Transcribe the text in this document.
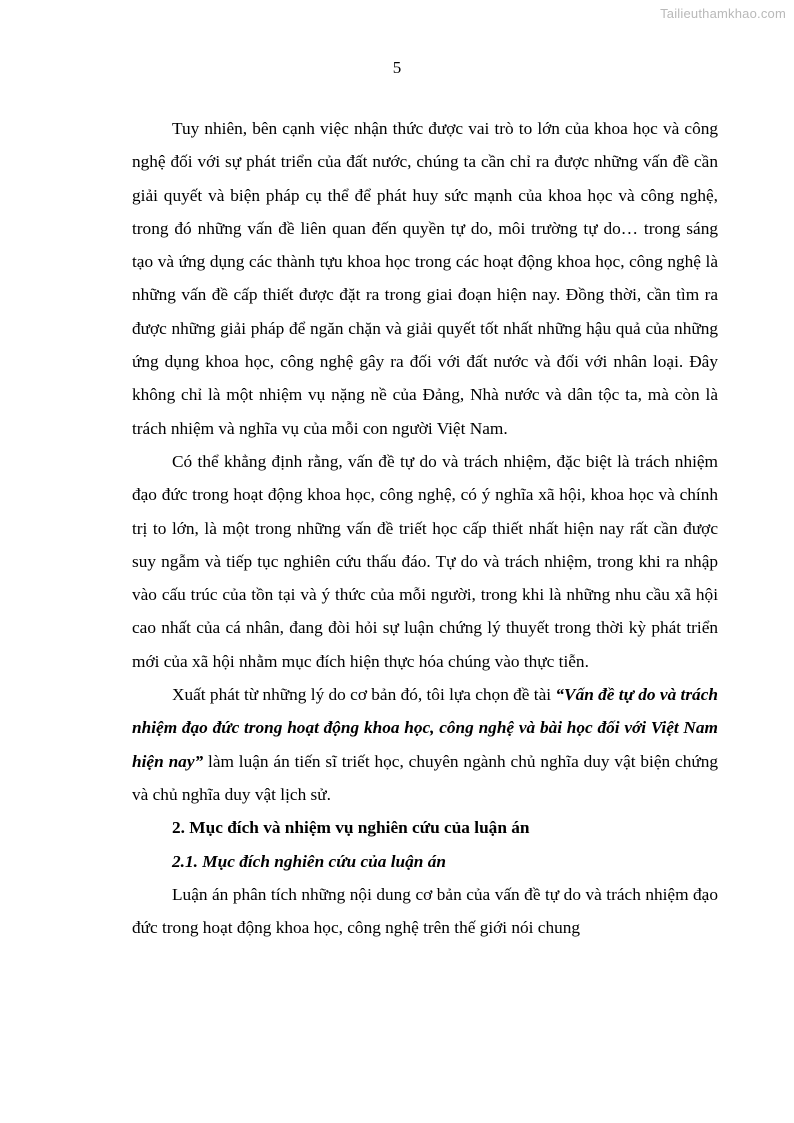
Tailieuthamkhao.com
5

Tuy nhiên, bên cạnh việc nhận thức được vai trò to lớn của khoa học và công nghệ đối với sự phát triển của đất nước, chúng ta cần chỉ ra được những vấn đề cần giải quyết và biện pháp cụ thể để phát huy sức mạnh của khoa học và công nghệ, trong đó những vấn đề liên quan đến quyền tự do, môi trường tự do… trong sáng tạo và ứng dụng các thành tựu khoa học trong các hoạt động khoa học, công nghệ là những vấn đề cấp thiết được đặt ra trong giai đoạn hiện nay. Đồng thời, cần tìm ra được những giải pháp để ngăn chặn và giải quyết tốt nhất những hậu quả của những ứng dụng khoa học, công nghệ gây ra đối với đất nước và đối với nhân loại. Đây không chỉ là một nhiệm vụ nặng nề của Đảng, Nhà nước và dân tộc ta, mà còn là trách nhiệm và nghĩa vụ của mỗi con người Việt Nam.

Có thể khẳng định rằng, vấn đề tự do và trách nhiệm, đặc biệt là trách nhiệm đạo đức trong hoạt động khoa học, công nghệ, có ý nghĩa xã hội, khoa học và chính trị to lớn, là một trong những vấn đề triết học cấp thiết nhất hiện nay rất cần được suy ngẫm và tiếp tục nghiên cứu thấu đáo. Tự do và trách nhiệm, trong khi ra nhập vào cấu trúc của tồn tại và ý thức của mỗi người, trong khi là những nhu cầu xã hội cao nhất của cá nhân, đang đòi hỏi sự luận chứng lý thuyết trong thời kỳ phát triển mới của xã hội nhằm mục đích hiện thực hóa chúng vào thực tiễn.

Xuất phát từ những lý do cơ bản đó, tôi lựa chọn đề tài “Vấn đề tự do và trách nhiệm đạo đức trong hoạt động khoa học, công nghệ và bài học đối với Việt Nam hiện nay” làm luận án tiến sĩ triết học, chuyên ngành chủ nghĩa duy vật biện chứng và chủ nghĩa duy vật lịch sử.

2. Mục đích và nhiệm vụ nghiên cứu của luận án

2.1. Mục đích nghiên cứu của luận án

Luận án phân tích những nội dung cơ bản của vấn đề tự do và trách nhiệm đạo đức trong hoạt động khoa học, công nghệ trên thế giới nói chung
